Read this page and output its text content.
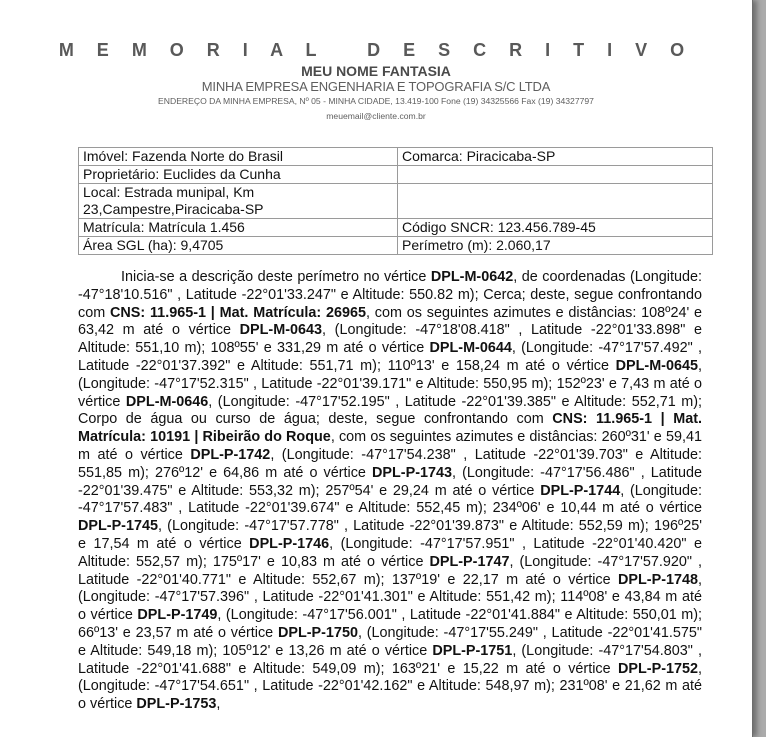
M E M O R I A L   D E S C R I T I V O
MEU NOME FANTASIA
MINHA EMPRESA ENGENHARIA E TOPOGRAFIA S/C LTDA
ENDEREÇO DA MINHA EMPRESA, Nº 05 - MINHA CIDADE, 13.419-100 Fone (19) 34325566 Fax (19) 34327797
meuemail@cliente.com.br
Imóvel: Fazenda Norte do Brasil	Comarca: Piracicaba-SP
Proprietário: Euclides da Cunha	
Local: Estrada munipal, Km 23,Campestre,Piracicaba-SP	
Matrícula: Matrícula 1.456	Código SNCR: 123.456.789-45
Área SGL (ha): 9,4705	Perímetro (m): 2.060,17
Inicia-se a descrição deste perímetro no vértice DPL-M-0642, de coordenadas (Longitude: -47°18'10.516" , Latitude -22°01'33.247" e Altitude: 550.82 m); Cerca; deste, segue confrontando com CNS: 11.965-1 | Mat. Matrícula: 26965, com os seguintes azimutes e distâncias: 108º24' e 63,42 m até o vértice DPL-M-0643, (Longitude: -47°18'08.418" , Latitude -22°01'33.898" e Altitude: 551,10 m); 108º55' e 331,29 m até o vértice DPL-M-0644, (Longitude: -47°17'57.492" , Latitude -22°01'37.392" e Altitude: 551,71 m); 110º13' e 158,24 m até o vértice DPL-M-0645, (Longitude: -47°17'52.315" , Latitude -22°01'39.171" e Altitude: 550,95 m); 152º23' e 7,43 m até o vértice DPL-M-0646, (Longitude: -47°17'52.195" , Latitude -22°01'39.385" e Altitude: 552,71 m); Corpo de água ou curso de água; deste, segue confrontando com CNS: 11.965-1 | Mat. Matrícula: 10191 | Ribeirão do Roque, com os seguintes azimutes e distâncias: 260º31' e 59,41 m até o vértice DPL-P-1742, (Longitude: -47°17'54.238" , Latitude -22°01'39.703" e Altitude: 551,85 m); 276º12' e 64,86 m até o vértice DPL-P-1743, (Longitude: -47°17'56.486" , Latitude -22°01'39.475" e Altitude: 553,32 m); 257º54' e 29,24 m até o vértice DPL-P-1744, (Longitude: -47°17'57.483" , Latitude -22°01'39.674" e Altitude: 552,45 m); 234º06' e 10,44 m até o vértice DPL-P-1745, (Longitude: -47°17'57.778" , Latitude -22°01'39.873" e Altitude: 552,59 m); 196º25' e 17,54 m até o vértice DPL-P-1746, (Longitude: -47°17'57.951" , Latitude -22°01'40.420" e Altitude: 552,57 m); 175º17' e 10,83 m até o vértice DPL-P-1747, (Longitude: -47°17'57.920" , Latitude -22°01'40.771" e Altitude: 552,67 m); 137º19' e 22,17 m até o vértice DPL-P-1748, (Longitude: -47°17'57.396" , Latitude -22°01'41.301" e Altitude: 551,42 m); 114º08' e 43,84 m até o vértice DPL-P-1749, (Longitude: -47°17'56.001" , Latitude -22°01'41.884" e Altitude: 550,01 m); 66º13' e 23,57 m até o vértice DPL-P-1750, (Longitude: -47°17'55.249" , Latitude -22°01'41.575" e Altitude: 549,18 m); 105º12' e 13,26 m até o vértice DPL-P-1751, (Longitude: -47°17'54.803" , Latitude -22°01'41.688" e Altitude: 549,09 m); 163º21' e 15,22 m até o vértice DPL-P-1752, (Longitude: -47°17'54.651" , Latitude -22°01'42.162" e Altitude: 548,97 m); 231º08' e 21,62 m até o vértice DPL-P-1753,
